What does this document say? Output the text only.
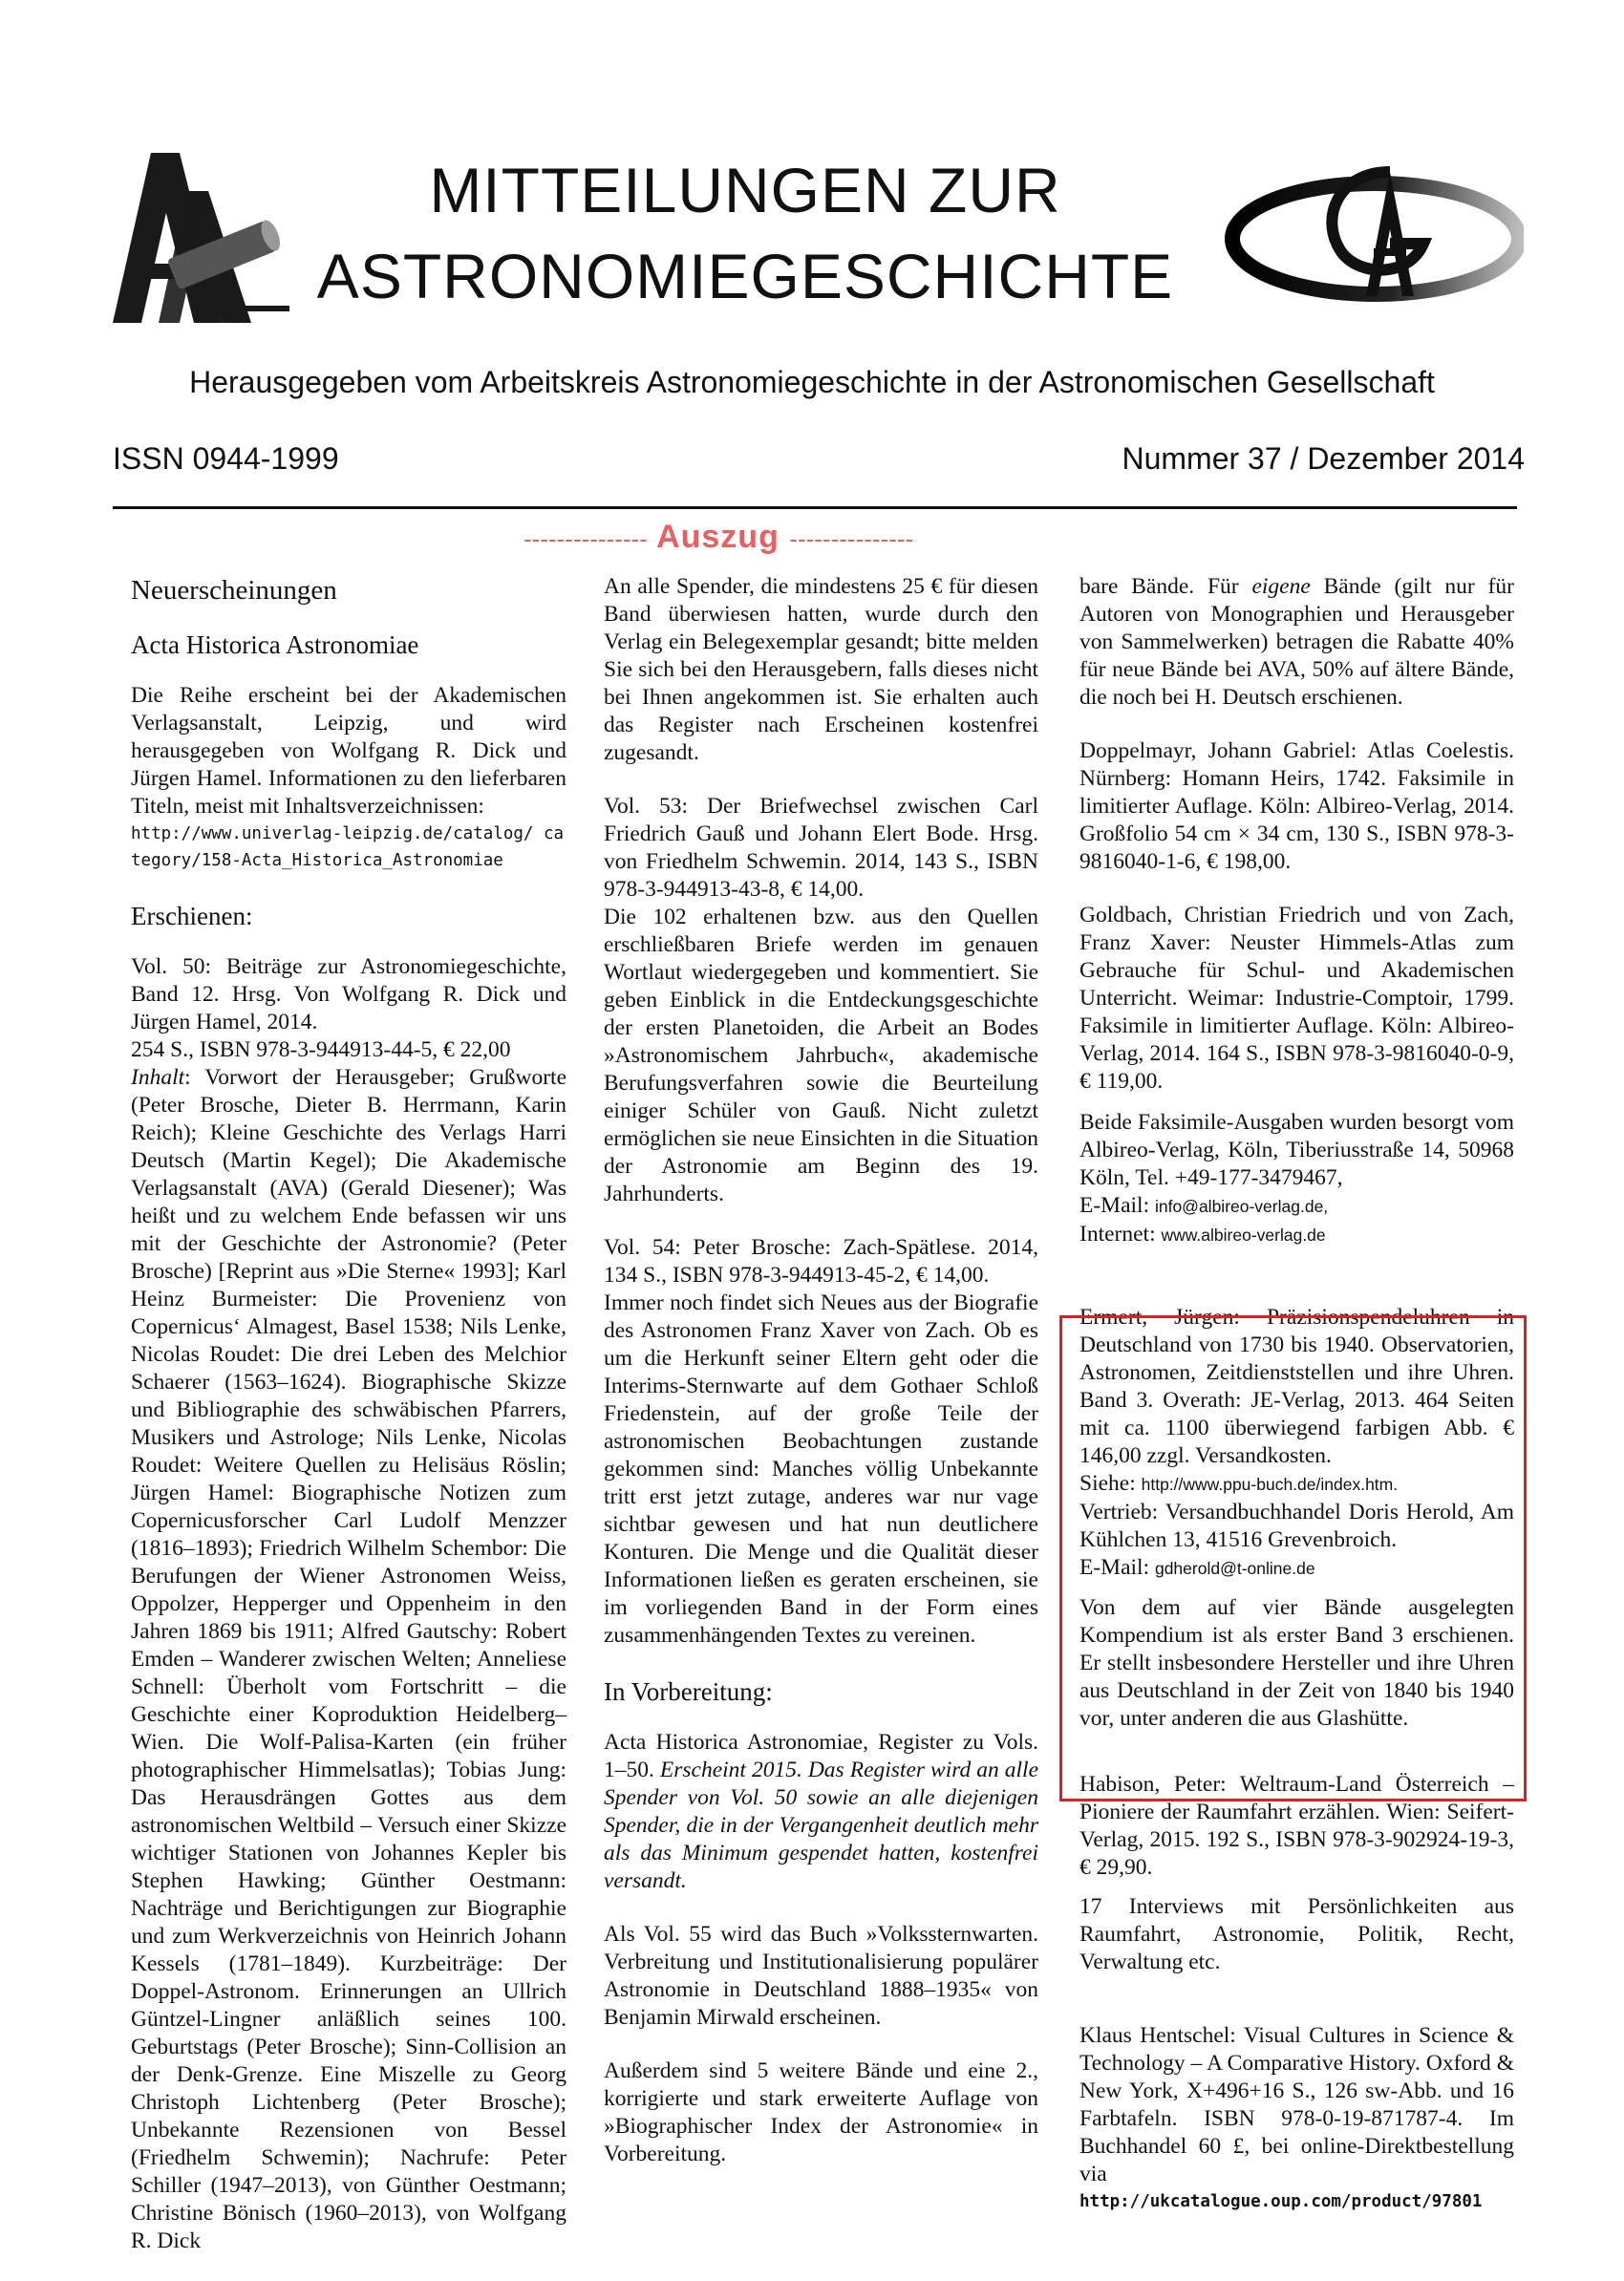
MITTEILUNGEN ZUR
ASTRONOMIEGESCHICHTE
Herausgegeben vom Arbeitskreis Astronomiegeschichte in der Astronomischen Gesellschaft
ISSN 0944-1999	Nummer 37 / Dezember 2014
--------------- Auszug ---------------
Neuerscheinungen
Acta Historica Astronomiae

Die Reihe erscheint bei der Akademischen Verlagsanstalt, Leipzig, und wird herausgegeben von Wolfgang R. Dick und Jürgen Hamel. Informationen zu den lieferbaren Titeln, meist mit Inhaltsverzeichnissen:

http://www.univerlag-leipzig.de/catalog/ category/158-Acta_Historica_Astronomiae

Erschienen:

Vol. 50: Beiträge zur Astronomiegeschichte, Band 12. Hrsg. Von Wolfgang R. Dick und Jürgen Hamel, 2014.

254 S., ISBN 978-3-944913-44-5, € 22,00

Inhalt: Vorwort der Herausgeber; Grußworte (Peter Brosche, Dieter B. Herrmann, Karin Reich); Kleine Geschichte des Verlags Harri Deutsch (Martin Kegel); Die Akademische Verlagsanstalt (AVA) (Gerald Diesener); Was heißt und zu welchem Ende befassen wir uns mit der Geschichte der Astronomie? (Peter Brosche) [Reprint aus »Die Sterne« 1993]; Karl Heinz Burmeister: Die Provenienz von Copernicus‘ Almagest, Basel 1538; Nils Lenke, Nicolas Roudet: Die drei Leben des Melchior Schaerer (1563–1624). Biographische Skizze und Bibliographie des schwäbischen Pfarrers, Musikers und Astrologe; Nils Lenke, Nicolas Roudet: Weitere Quellen zu Helisäus Röslin; Jürgen Hamel: Biographische Notizen zum Copernicusforscher Carl Ludolf Menzzer (1816–1893); Friedrich Wilhelm Schembor: Die Berufungen der Wiener Astronomen Weiss, Oppolzer, Hepperger und Oppenheim in den Jahren 1869 bis 1911; Alfred Gautschy: Robert Emden – Wanderer zwischen Welten; Anneliese Schnell: Überholt vom Fortschritt – die Geschichte einer Koproduktion Heidelberg–Wien. Die Wolf-Palisa-Karten (ein früher photographischer Himmelsatlas); Tobias Jung: Das Herausdrängen Gottes aus dem astronomischen Weltbild – Versuch einer Skizze wichtiger Stationen von Johannes Kepler bis Stephen Hawking; Günther Oestmann: Nachträge und Berichtigungen zur Biographie und zum Werkverzeichnis von Heinrich Johann Kessels (1781–1849). Kurzbeiträge: Der Doppel-Astronom. Erinnerungen an Ullrich Güntzel-Lingner anläßlich seines 100. Geburtstags (Peter Brosche); Sinn-Collision an der Denk-Grenze. Eine Miszelle zu Georg Christoph Lichtenberg (Peter Brosche); Unbekannte Rezensionen von Bessel (Friedhelm Schwemin); Nachrufe: Peter Schiller (1947–2013), von Günther Oestmann; Christine Bönisch (1960–2013), von Wolfgang R. Dick

An alle Spender, die mindestens 25 € für diesen Band überwiesen hatten, wurde durch den Verlag ein Belegexemplar gesandt; bitte melden Sie sich bei den Herausgebern, falls dieses nicht bei Ihnen angekommen ist. Sie erhalten auch das Register nach Erscheinen kostenfrei zugesandt.

Vol. 53: Der Briefwechsel zwischen Carl Friedrich Gauß und Johann Elert Bode. Hrsg. von Friedhelm Schwemin. 2014, 143 S., ISBN 978-3-944913-43-8, € 14,00.

Die 102 erhaltenen bzw. aus den Quellen erschließbaren Briefe werden im genauen Wortlaut wiedergegeben und kommentiert. Sie geben Einblick in die Entdeckungsgeschichte der ersten Planetoiden, die Arbeit an Bodes »Astronomischem Jahrbuch«, akademische Berufungsverfahren sowie die Beurteilung einiger Schüler von Gauß. Nicht zuletzt ermöglichen sie neue Einsichten in die Situation der Astronomie am Beginn des 19. Jahrhunderts.

Vol. 54: Peter Brosche: Zach-Spätlese. 2014, 134 S., ISBN 978-3-944913-45-2, € 14,00.

Immer noch findet sich Neues aus der Biografie des Astronomen Franz Xaver von Zach. Ob es um die Herkunft seiner Eltern geht oder die Interims-Sternwarte auf dem Gothaer Schloß Friedenstein, auf der große Teile der astronomischen Beobachtungen zustande gekommen sind: Manches völlig Unbekannte tritt erst jetzt zutage, anderes war nur vage sichtbar gewesen und hat nun deutlichere Konturen. Die Menge und die Qualität dieser Informationen ließen es geraten erscheinen, sie im vorliegenden Band in der Form eines zusammenhängenden Textes zu vereinen.

In Vorbereitung:

Acta Historica Astronomiae, Register zu Vols. 1–50. Erscheint 2015. Das Register wird an alle Spender von Vol. 50 sowie an alle diejenigen Spender, die in der Vergangenheit deutlich mehr als das Minimum gespendet hatten, kostenfrei versandt.

Als Vol. 55 wird das Buch »Volkssternwarten. Verbreitung und Institutionalisierung populärer Astronomie in Deutschland 1888–1935« von Benjamin Mirwald erscheinen.

Außerdem sind 5 weitere Bände und eine 2., korrigierte und stark erweiterte Auflage von »Biographischer Index der Astronomie« in Vorbereitung.

bare Bände. Für eigene Bände (gilt nur für Autoren von Monographien und Herausgeber von Sammelwerken) betragen die Rabatte 40% für neue Bände bei AVA, 50% auf ältere Bände, die noch bei H. Deutsch erschienen.

Doppelmayr, Johann Gabriel: Atlas Coelestis. Nürnberg: Homann Heirs, 1742. Faksimile in limitierter Auflage. Köln: Albireo-Verlag, 2014. Großfolio 54 cm × 34 cm, 130 S., ISBN 978-3-9816040-1-6, € 198,00.

Goldbach, Christian Friedrich und von Zach, Franz Xaver: Neuster Himmels-Atlas zum Gebrauche für Schul- und Akademischen Unterricht. Weimar: Industrie-Comptoir, 1799. Faksimile in limitierter Auflage. Köln: Albireo-Verlag, 2014. 164 S., ISBN 978-3-9816040-0-9, € 119,00.

Beide Faksimile-Ausgaben wurden besorgt vom Albireo-Verlag, Köln, Tiberiusstraße 14, 50968 Köln, Tel. +49-177-3479467,
E-Mail: info@albireo-verlag.de,
Internet: www.albireo-verlag.de

Ermert, Jürgen: Präzisionspendeluhren in Deutschland von 1730 bis 1940. Observatorien, Astronomen, Zeitdienststellen und ihre Uhren. Band 3. Overath: JE-Verlag, 2013. 464 Seiten mit ca. 1100 überwiegend farbigen Abb. € 146,00 zzgl. Versandkosten.

Siehe: http://www.ppu-buch.de/index.htm.

Vertrieb: Versandbuchhandel Doris Herold, Am Kühlchen 13, 41516 Grevenbroich.

E-Mail: gdherold@t-online.de

Von dem auf vier Bände ausgelegten Kompendium ist als erster Band 3 erschienen. Er stellt insbesondere Hersteller und ihre Uhren aus Deutschland in der Zeit von 1840 bis 1940 vor, unter anderen die aus Glashütte.

Habison, Peter: Weltraum-Land Österreich – Pioniere der Raumfahrt erzählen. Wien: Seifert-Verlag, 2015. 192 S., ISBN 978-3-902924-19-3, € 29,90.

17 Interviews mit Persönlichkeiten aus Raumfahrt, Astronomie, Politik, Recht, Verwaltung etc.

Klaus Hentschel: Visual Cultures in Science & Technology – A Comparative History. Oxford & New York, X+496+16 S., 126 sw-Abb. und 16 Farbtafeln. ISBN 978-0-19-871787-4. Im Buchhandel 60 £, bei online-Direktbestellung via

http://ukcatalogue.oup.com/product/97801
